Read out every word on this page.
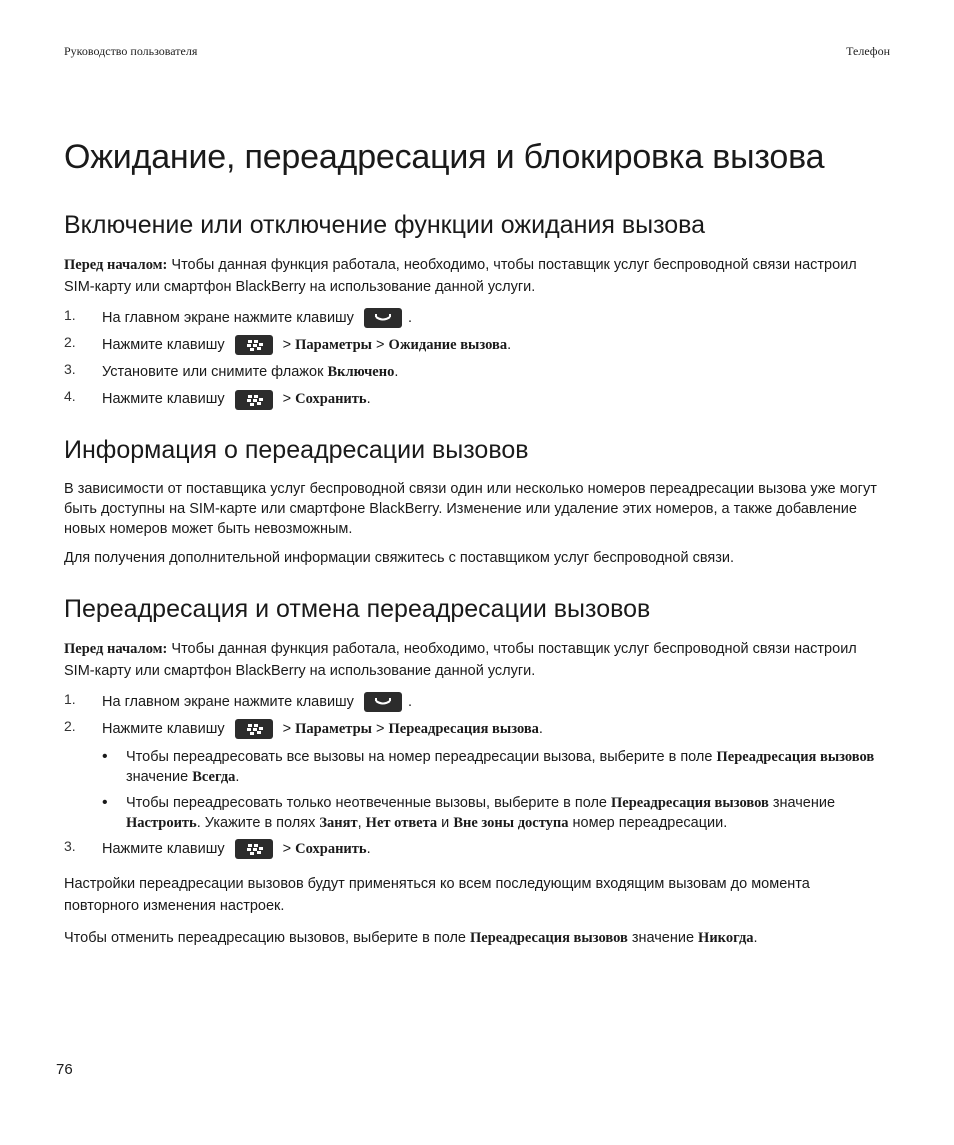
Руководство пользователя	Телефон
Ожидание, переадресация и блокировка вызова
Включение или отключение функции ожидания вызова

Перед началом: Чтобы данная функция работала, необходимо, чтобы поставщик услуг беспроводной связи настроил SIM-карту или смартфон BlackBerry на использование данной услуги.

1. На главном экране нажмите клавишу	.
2. Нажмите клавишу	> Параметры > Ожидание вызова.
3. Установите или снимите флажок Включено.
4. Нажмите клавишу	> Сохранить.
Информация о переадресации вызовов

В зависимости от поставщика услуг беспроводной связи один или несколько номеров переадресации вызова уже могут быть доступны на SIM-карте или смартфоне BlackBerry. Изменение или удаление этих номеров, а также добавление новых номеров может быть невозможным.

Для получения дополнительной информации свяжитесь с поставщиком услуг беспроводной связи.

Переадресация и отмена переадресации вызовов

Перед началом: Чтобы данная функция работала, необходимо, чтобы поставщик услуг беспроводной связи настроил SIM-карту или смартфон BlackBerry на использование данной услуги.

1. На главном экране нажмите клавишу	.
2. Нажмите клавишу	> Параметры > Переадресация вызова.
• Чтобы переадресовать все вызовы на номер переадресации вызова, выберите в поле Переадресация вызовов значение Всегда.
• Чтобы переадресовать только неотвеченные вызовы, выберите в поле Переадресация вызовов значение Настроить. Укажите в полях Занят, Нет ответа и Вне зоны доступа номер переадресации.
3. Нажмите клавишу	> Сохранить.

Настройки переадресации вызовов будут применяться ко всем последующим входящим вызовам до момента повторного изменения настроек.

Чтобы отменить переадресацию вызовов, выберите в поле Переадресация вызовов значение Никогда.

76
